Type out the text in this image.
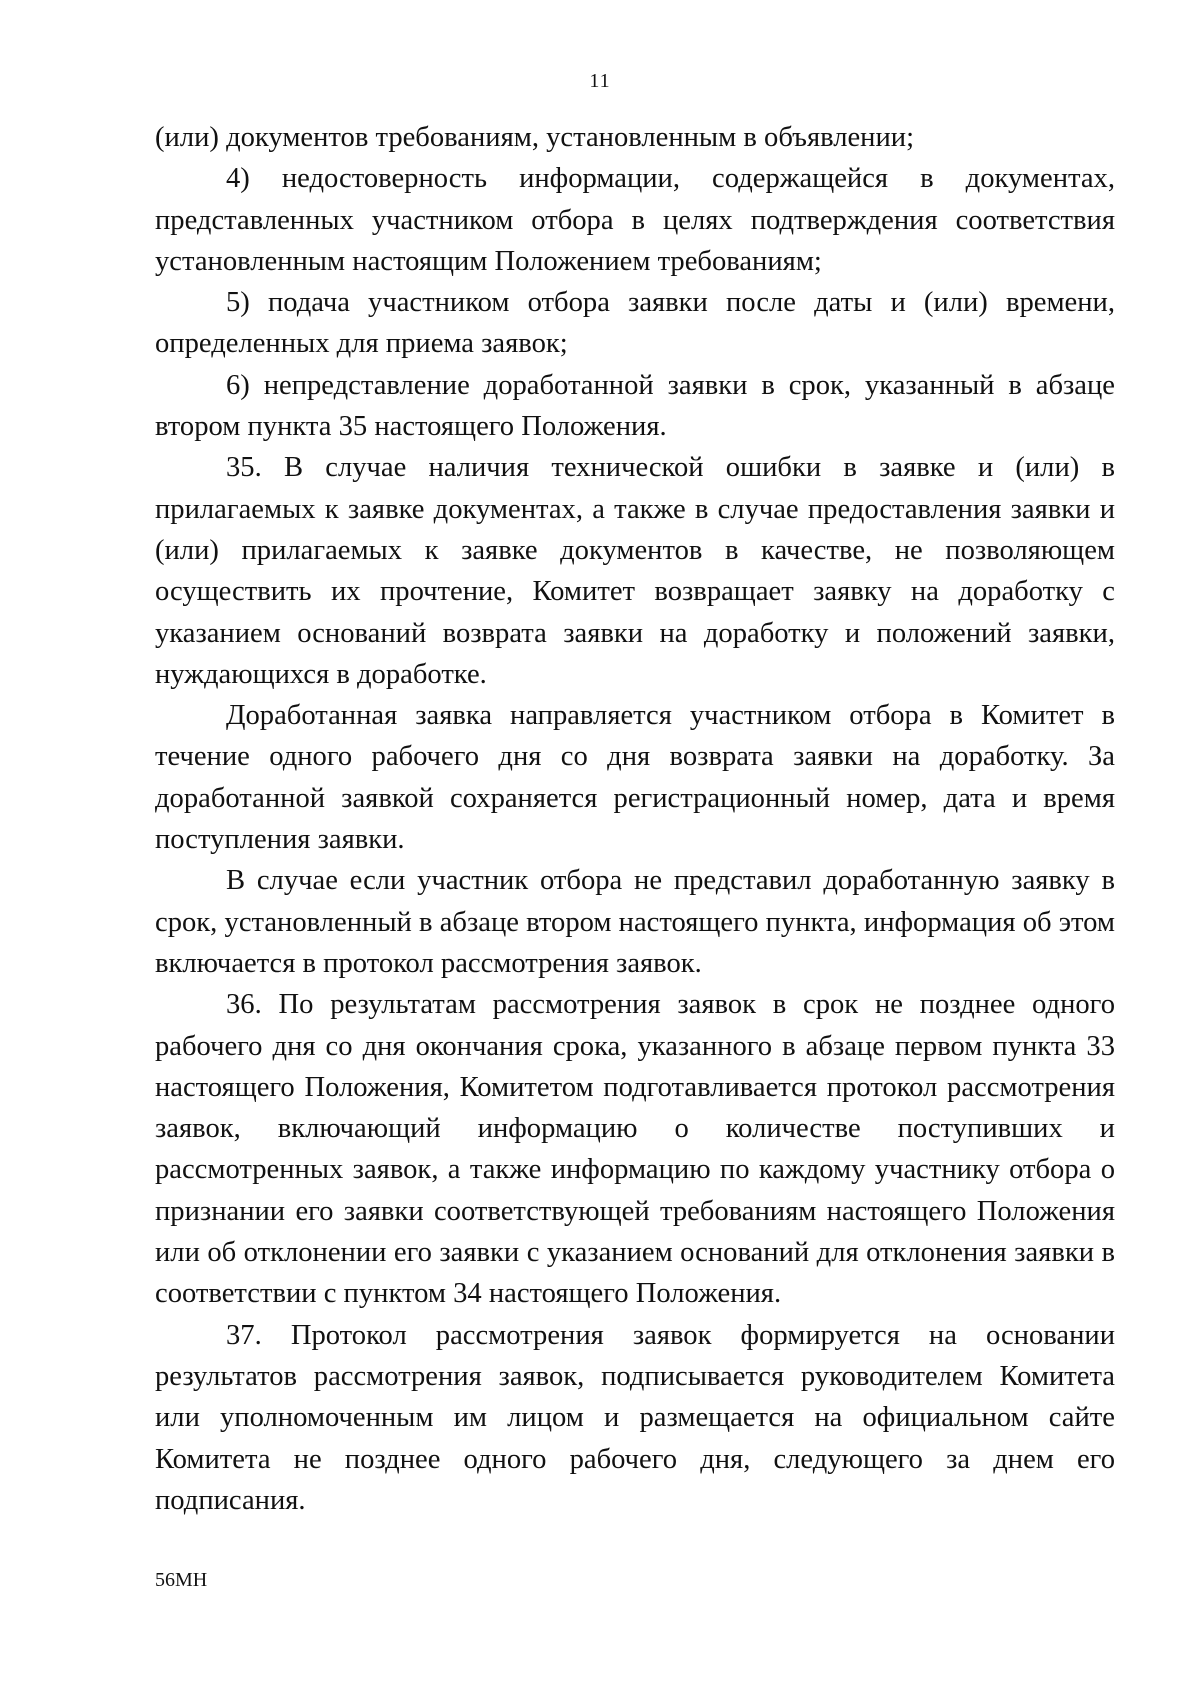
11

(или) документов требованиям, установленным в объявлении;

4) недостоверность информации, содержащейся в документах, представленных участником отбора в целях подтверждения соответствия установленным настоящим Положением требованиям;

5) подача участником отбора заявки после даты и (или) времени, определенных для приема заявок;

6) непредставление доработанной заявки в срок, указанный в абзаце втором пункта 35 настоящего Положения.

35. В случае наличия технической ошибки в заявке и (или) в прилагаемых к заявке документах, а также в случае предоставления заявки и (или) прилагаемых к заявке документов в качестве, не позволяющем осуществить их прочтение, Комитет возвращает заявку на доработку с указанием оснований возврата заявки на доработку и положений заявки, нуждающихся в доработке.

Доработанная заявка направляется участником отбора в Комитет в течение одного рабочего дня со дня возврата заявки на доработку. За доработанной заявкой сохраняется регистрационный номер, дата и время поступления заявки.

В случае если участник отбора не представил доработанную заявку в срок, установленный в абзаце втором настоящего пункта, информация об этом включается в протокол рассмотрения заявок.

36. По результатам рассмотрения заявок в срок не позднее одного рабочего дня со дня окончания срока, указанного в абзаце первом пункта 33 настоящего Положения, Комитетом подготавливается протокол рассмотрения заявок, включающий информацию о количестве поступивших и рассмотренных заявок, а также информацию по каждому участнику отбора о признании его заявки соответствующей требованиям настоящего Положения или об отклонении его заявки с указанием оснований для отклонения заявки в соответствии с пунктом 34 настоящего Положения.

37. Протокол рассмотрения заявок формируется на основании результатов рассмотрения заявок, подписывается руководителем Комитета или уполномоченным им лицом и размещается на официальном сайте Комитета не позднее одного рабочего дня, следующего за днем его подписания.

56МН
